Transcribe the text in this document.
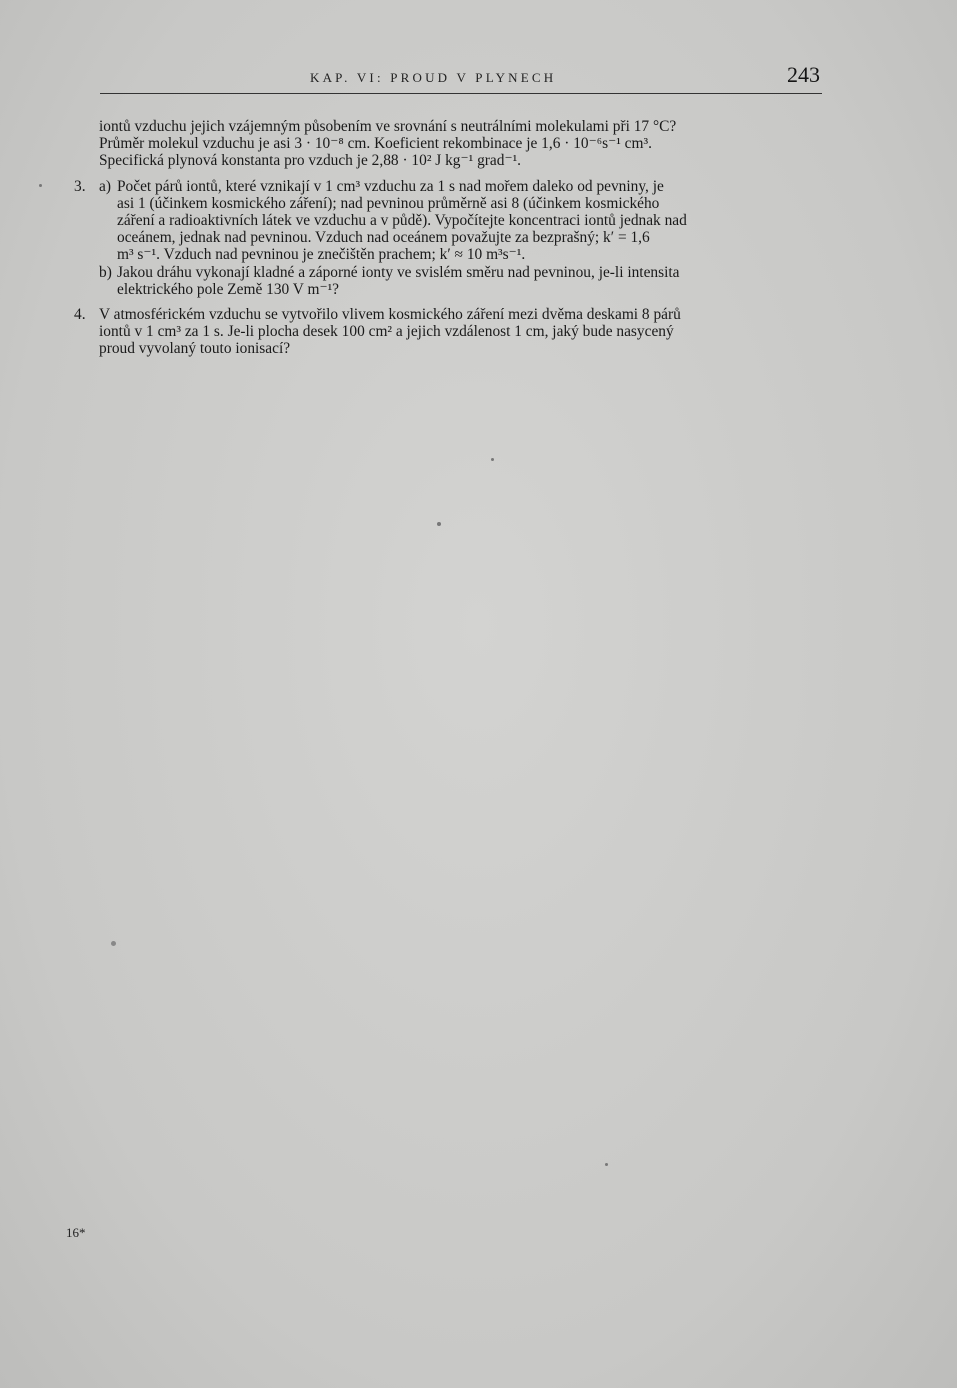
KAP. VI: PROUD V PLYNECH	243
iontů vzduchu jejich vzájemným působením ve srovnání s neutrálními molekulami při 17 °C?
Průměr molekul vzduchu je asi 3 · 10⁻⁸ cm. Koeficient rekombinace je 1,6 · 10⁻⁶s⁻¹ cm³.
Specifická plynová konstanta pro vzduch je 2,88 · 10² J kg⁻¹ grad⁻¹.
3. a) Počet párů iontů, které vznikají v 1 cm³ vzduchu za 1 s nad mořem daleko od pevniny, je
asi 1 (účinkem kosmického záření); nad pevninou průměrně asi 8 (účinkem kosmického
záření a radioaktivních látek ve vzduchu a v půdě). Vypočítejte koncentraci iontů jednak nad
oceánem, jednak nad pevninou. Vzduch nad oceánem považujte za bezprašný; k′ = 1,6
m³ s⁻¹. Vzduch nad pevninou je znečištěn prachem; k′ ≈ 10 m³s⁻¹.
b) Jakou dráhu vykonají kladné a záporné ionty ve svislém směru nad pevninou, je-li intensita
elektrického pole Země 130 V m⁻¹?
4. V atmosférickém vzduchu se vytvořilo vlivem kosmického záření mezi dvěma deskami 8 párů
iontů v 1 cm³ za 1 s. Je-li plocha desek 100 cm² a jejich vzdálenost 1 cm, jaký bude nasycený
proud vyvolaný touto ionisací?
16*
